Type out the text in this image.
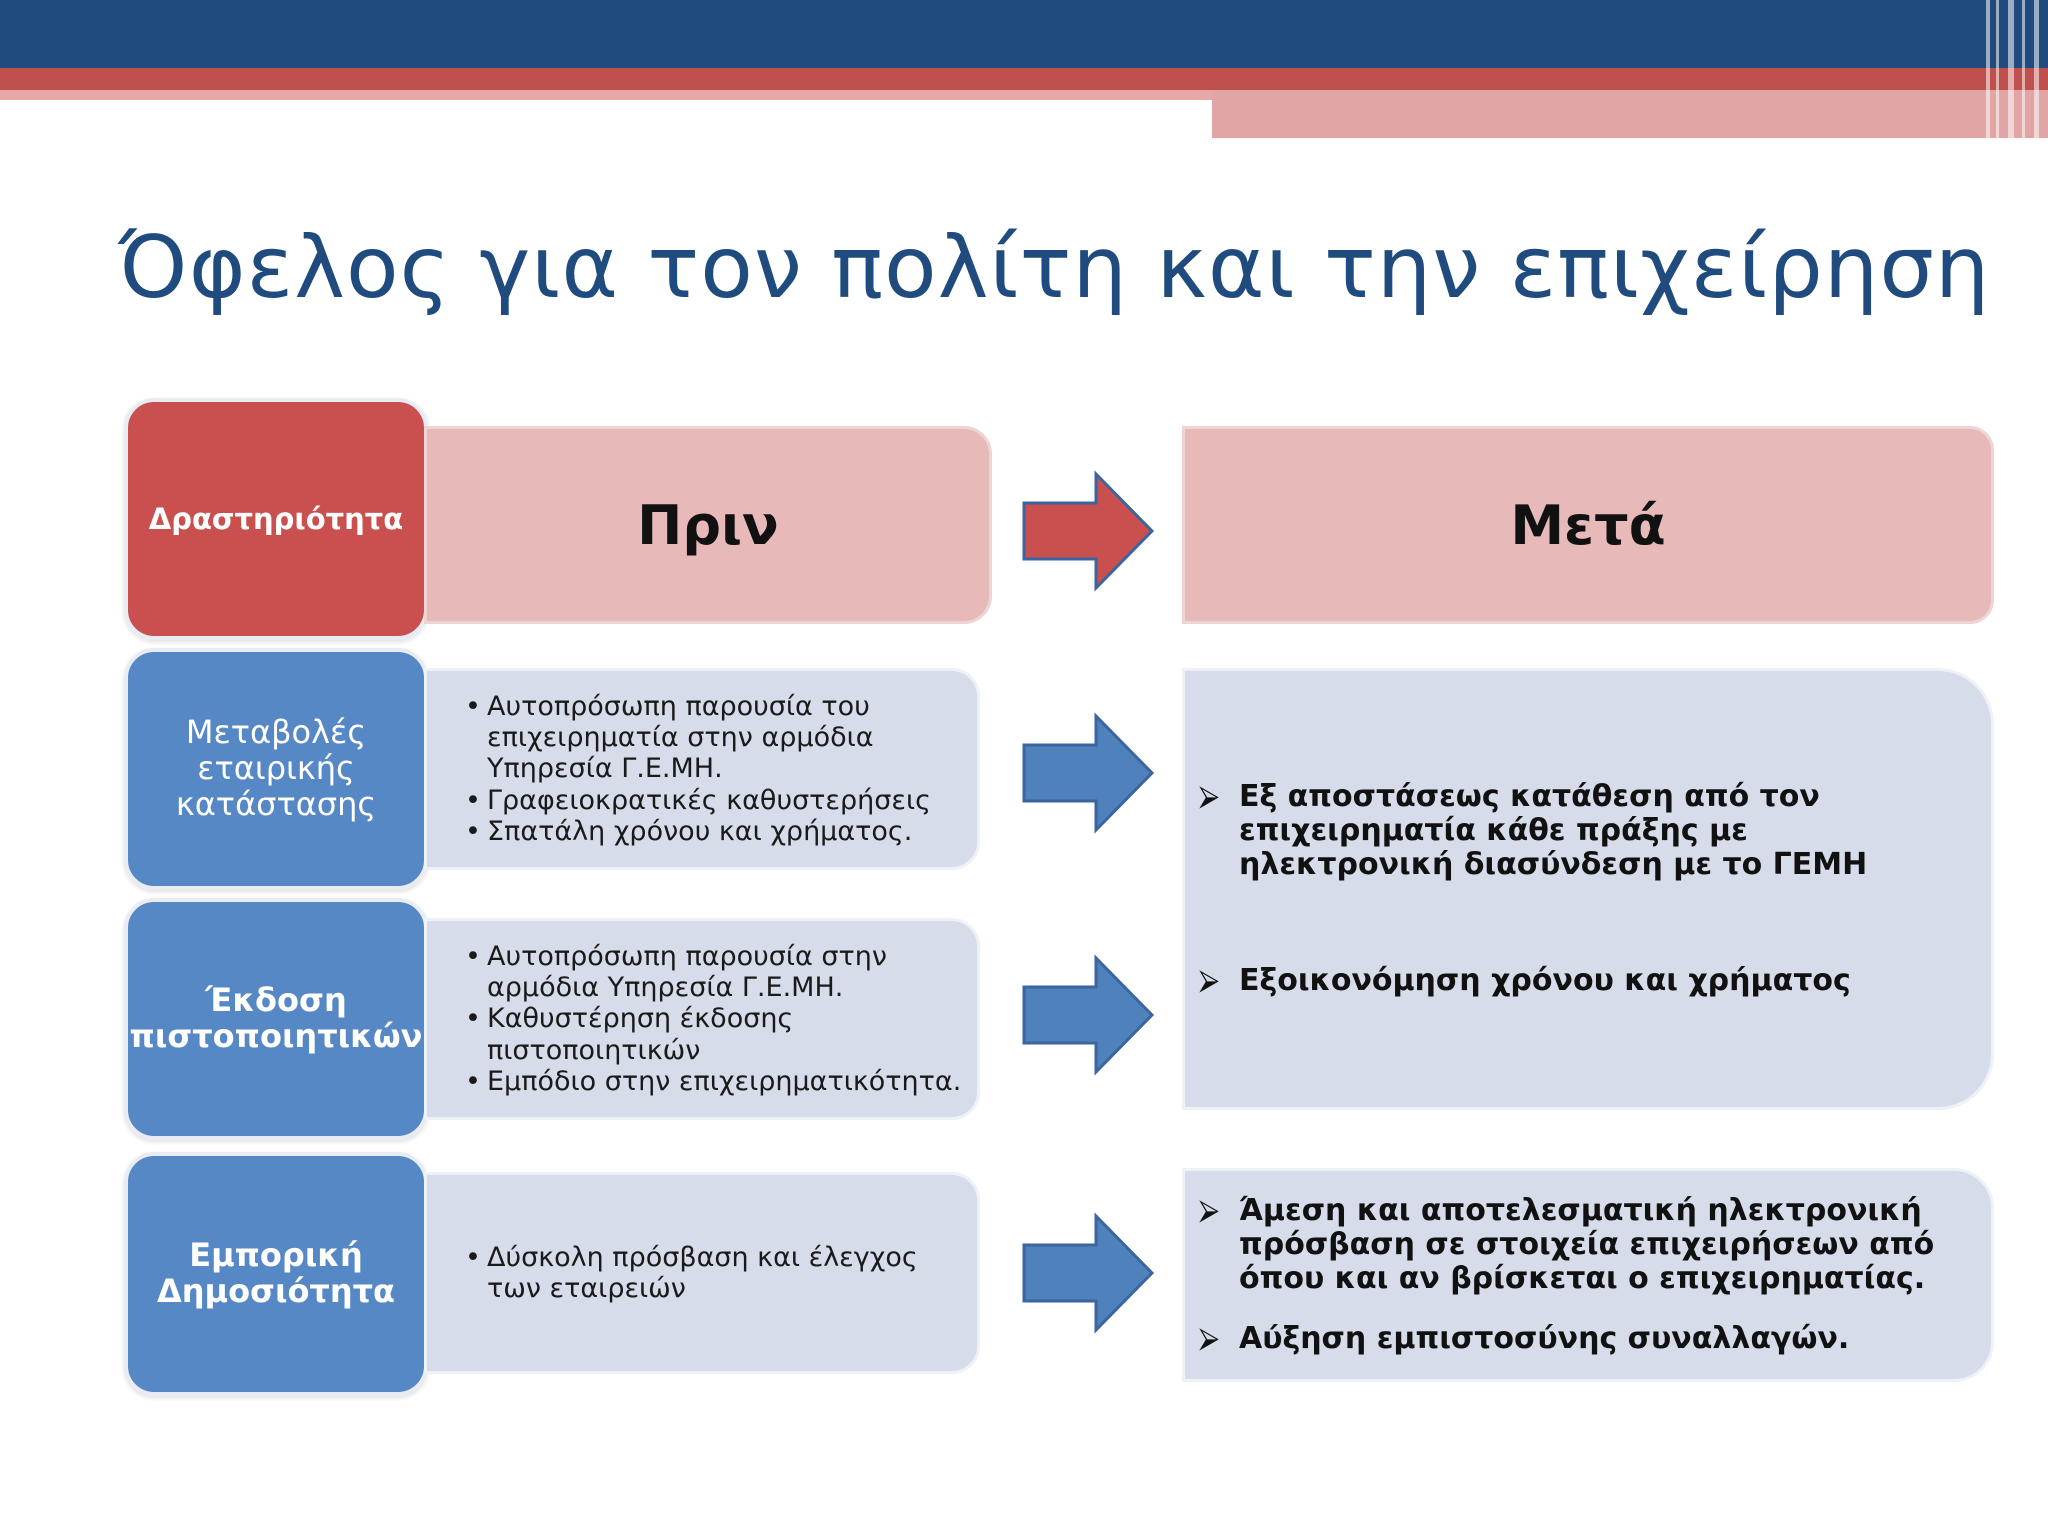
Όφελος για τον πολίτη και την επιχείρηση
Δραστηριότητα	Πριν	Μετά
Μεταβολές
εταιρικής
κατάστασης
• Αυτοπρόσωπη παρουσία του επιχειρηματία στην αρμόδια Υπηρεσία Γ.Ε.ΜΗ.
• Γραφειοκρατικές καθυστερήσεις
• Σπατάλη χρόνου και χρήματος.
Έκδοση
πιστοποιητικών
• Αυτοπρόσωπη παρουσία στην αρμόδια Υπηρεσία Γ.Ε.ΜΗ.
• Καθυστέρηση έκδοσης πιστοποιητικών
• Εμπόδιο στην επιχειρηματικότητα.
Εμπορική
Δημοσιότητα
• Δύσκολη πρόσβαση και έλεγχος των εταιρειών
⮚ Εξ αποστάσεως κατάθεση από τον επιχειρηματία κάθε πράξης με ηλεκτρονική διασύνδεση με το ΓΕΜΗ
⮚ Εξοικονόμηση χρόνου και χρήματος
⮚ Άμεση και αποτελεσματική ηλεκτρονική πρόσβαση σε στοιχεία επιχειρήσεων από όπου και αν βρίσκεται ο επιχειρηματίας.
⮚ Αύξηση εμπιστοσύνης συναλλαγών.
